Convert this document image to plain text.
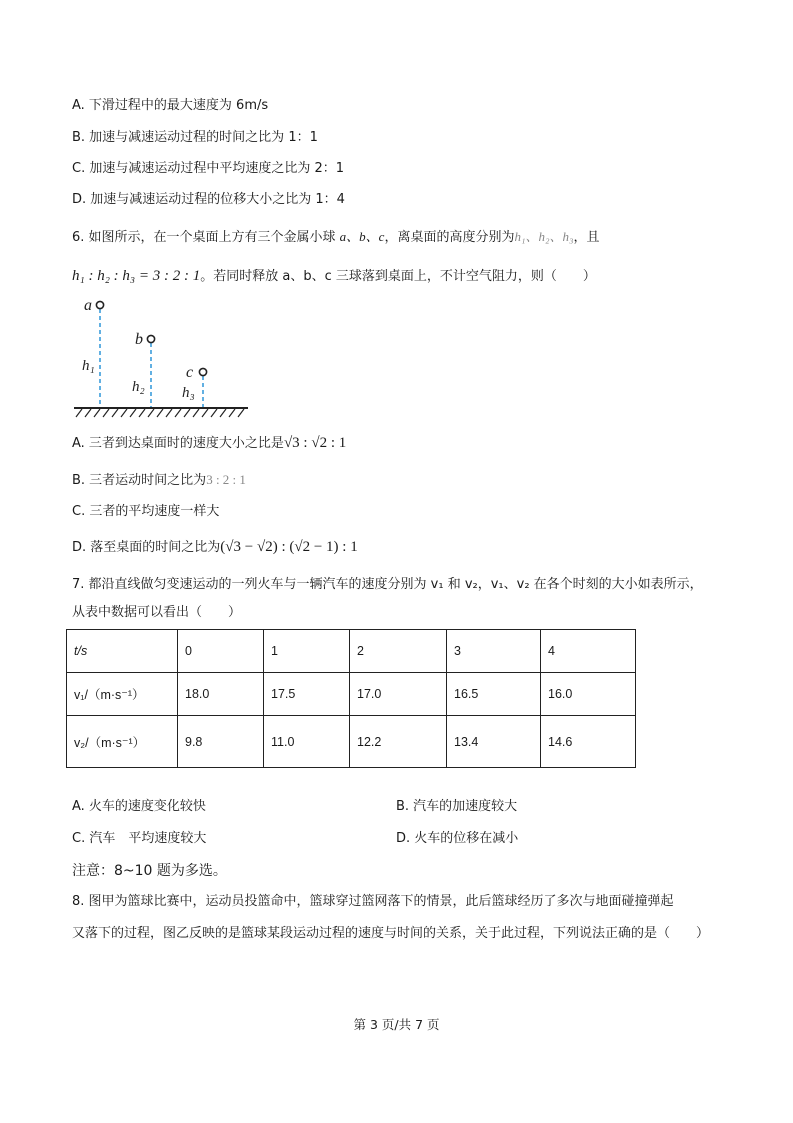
A. 下滑过程中的最大速度为 6m/s
B. 加速与减速运动过程的时间之比为 1：1
C. 加速与减速运动过程中平均速度之比为 2：1
D. 加速与减速运动过程的位移大小之比为 1：4
6. 如图所示，在一个桌面上方有三个金属小球 a、b、c，离桌面的高度分别为h₁、h₂、h₃，且
h₁ : h₂ : h₃ = 3 : 2 : 1。若同时释放 a、b、c 三球落到桌面上，不计空气阻力，则（　　）
a
b
c
h₁
h₂ h₃
A. 三者到达桌面时的速度大小之比是√3 : √2 : 1
B. 三者运动时间之比为3 : 2 : 1
C. 三者的平均速度一样大
D. 落至桌面的时间之比为(√3 − √2) : (√2 − 1) : 1
7. 都沿直线做匀变速运动的一列火车与一辆汽车的速度分别为 v₁ 和 v₂，v₁、v₂ 在各个时刻的大小如表所示，
从表中数据可以看出（　　）
t/s	0	1	2	3	4
v₁/（m·s⁻¹）	18.0	17.5	17.0	16.5	16.0
v₂/（m·s⁻¹）	9.8	11.0	12.2	13.4	14.6
A. 火车的速度变化较快	B. 汽车的加速度较大
C. 汽车　平均速度较大	D. 火车的位移在减小
注意：8~10 题为多选。
8. 图甲为篮球比赛中，运动员投篮命中，篮球穿过篮网落下的情景，此后篮球经历了多次与地面碰撞弹起
又落下的过程，图乙反映的是篮球某段运动过程的速度与时间的关系，关于此过程，下列说法正确的是（　　）
第 3 页/共 7 页
